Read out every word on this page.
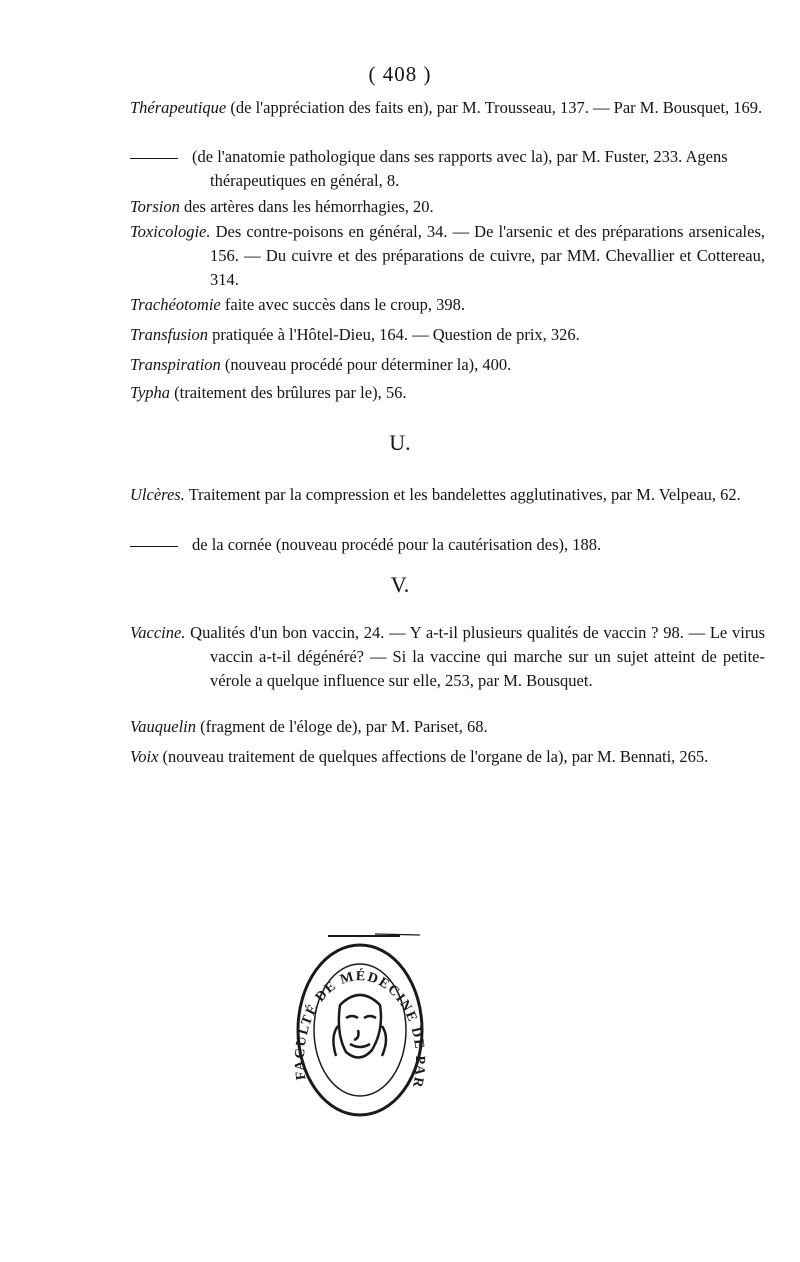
( 408 )
Thérapeutique (de l'appréciation des faits en), par M. Trousseau, 137. — Par M. Bousquet, 169.
(de l'anatomie pathologique dans ses rapports avec la), par M. Fuster, 233. Agens thérapeutiques en général, 8.
Torsion des artères dans les hémorrhagies, 20.
Toxicologie. Des contre-poisons en général, 34. — De l'arsenic et des préparations arsenicales, 156. — Du cuivre et des préparations de cuivre, par MM. Chevallier et Cottereau, 314.
Trachéotomie faite avec succès dans le croup, 398.
Transfusion pratiquée à l'Hôtel-Dieu, 164. — Question de prix, 326.
Transpiration (nouveau procédé pour déterminer la), 400.
Typha (traitement des brûlures par le), 56.
U.
Ulcères. Traitement par la compression et les bandelettes agglutinatives, par M. Velpeau, 62.
de la cornée (nouveau procédé pour la cautérisation des), 188.
V.
Vaccine. Qualités d'un bon vaccin, 24. — Y a-t-il plusieurs qualités de vaccin ? 98. — Le virus vaccin a-t-il dégénéré? — Si la vaccine qui marche sur un sujet atteint de petite-vérole a quelque influence sur elle, 253, par M. Bousquet.
Vauquelin (fragment de l'éloge de), par M. Pariset, 68.
Voix (nouveau traitement de quelques affections de l'organe de la), par M. Bennati, 265.
FACULTÉ DE MÉDECINE DE PAR
